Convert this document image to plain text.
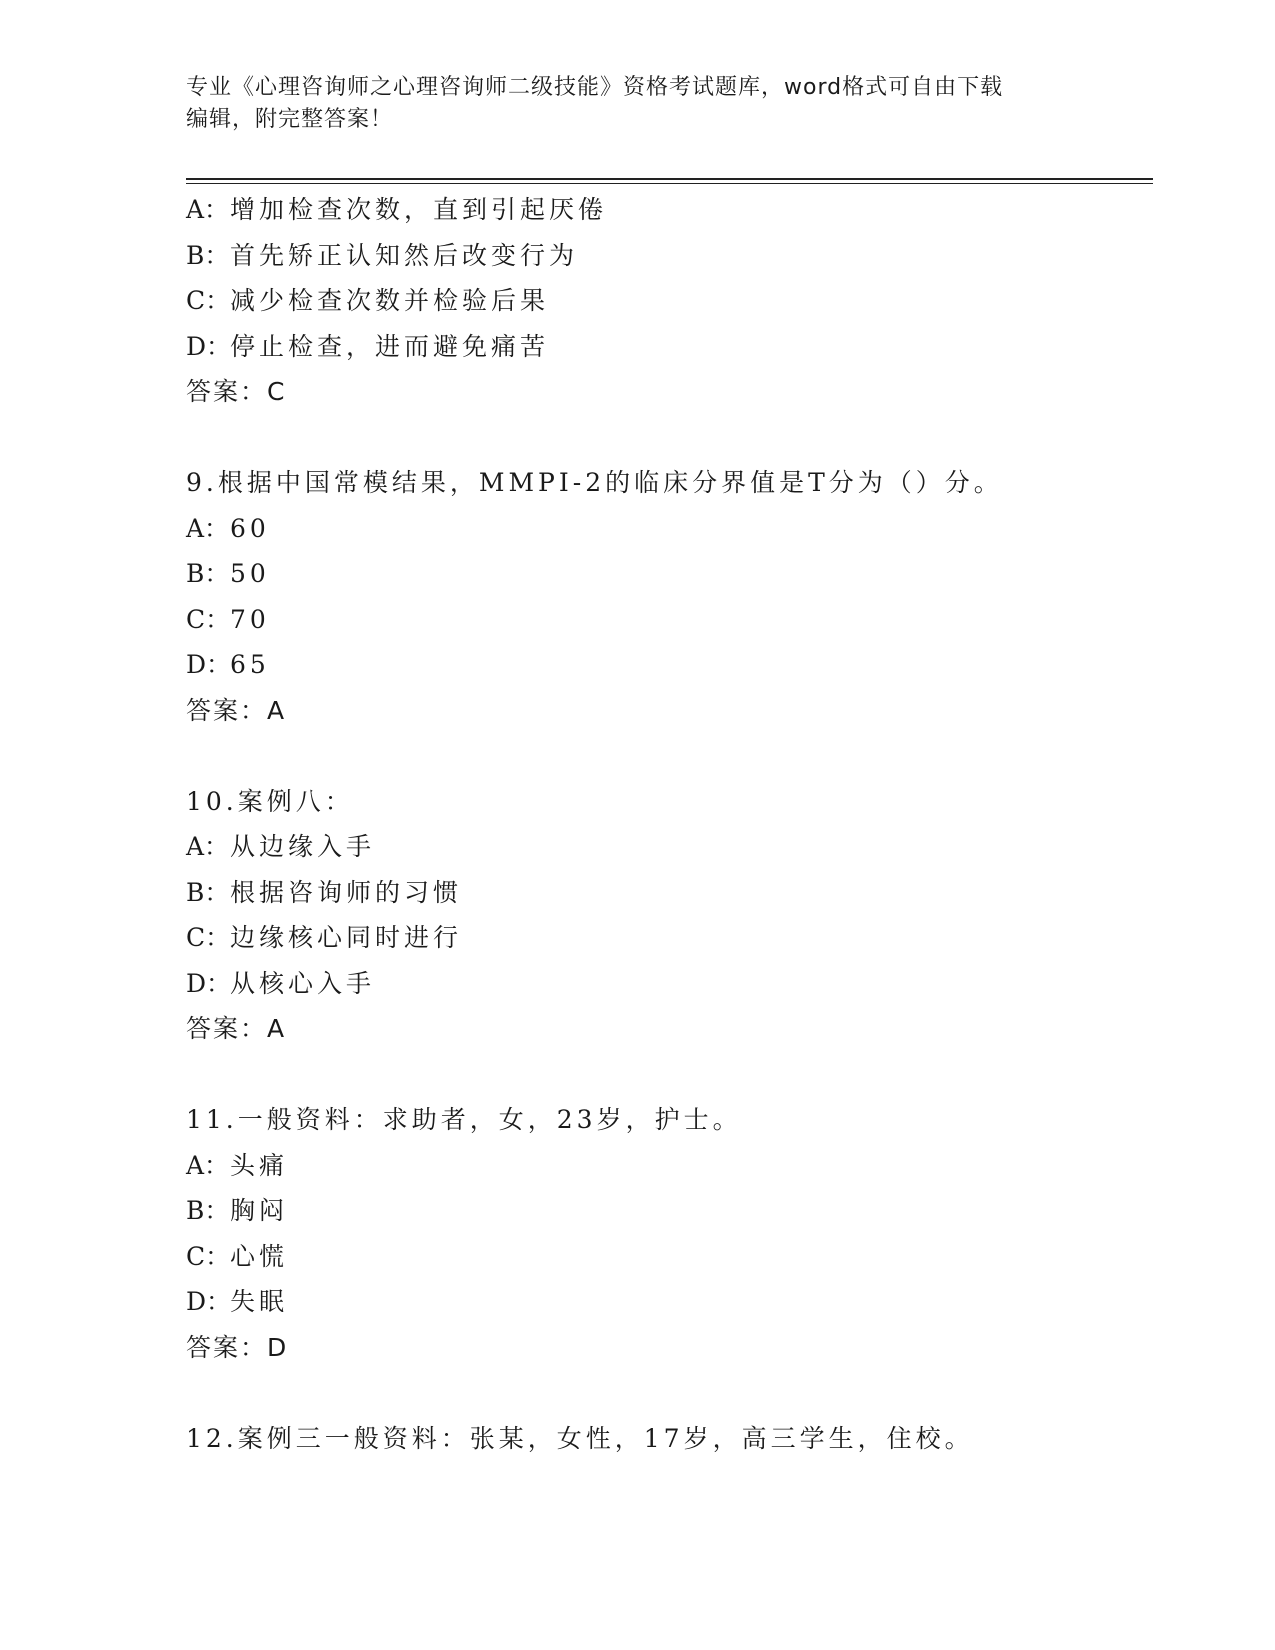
专业《心理咨询师之心理咨询师二级技能》资格考试题库，word格式可自由下载
编辑，附完整答案！
A：增加检查次数，直到引起厌倦
B：首先矫正认知然后改变行为
C：减少检查次数并检验后果
D：停止检查，进而避免痛苦
答案：C
9.根据中国常模结果，MMPI-2的临床分界值是T分为（）分。
A：60
B：50
C：70
D：65
答案：A
10.案例八：
A：从边缘入手
B：根据咨询师的习惯
C：边缘核心同时进行
D：从核心入手
答案：A
11.一般资料：求助者，女，23岁，护士。
A：头痛
B：胸闷
C：心慌
D：失眠
答案：D
12.案例三一般资料：张某，女性，17岁，高三学生，住校。
